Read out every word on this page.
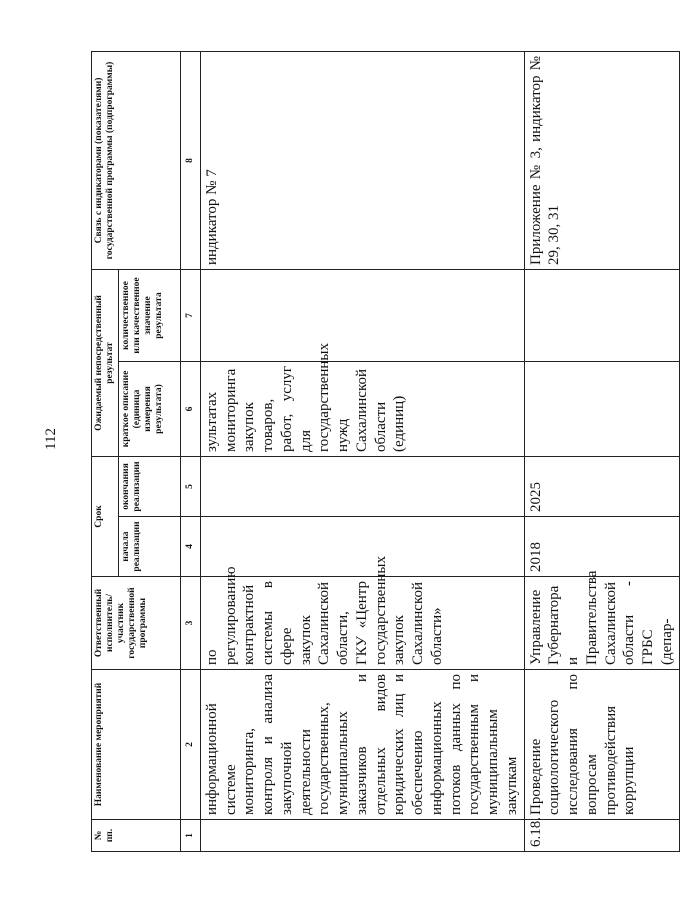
112
№ пп.	Наименование мероприятий	Ответственный исполнитель/ участник государственной программы	Срок		Ожидаемый непосредственный результат		Связь с индикаторами (показателями) государственной программы (подпрограммы)
			начала реализации	окончания реализации	краткое описание (единица измерения результата)	количественное или качественное значение результата	
1	2	3	4	5	6	7	8
	информационной системе мониторинга, контроля и анализа закупочной деятельности государственных, муниципальных заказчиков и отдельных видов юридических лиц и обеспечению информационных потоков данных по государственным и муниципальным закупкам	по регулированию контрактной системы в сфере закупок Сахалинской области, ГКУ «Центр государственных закупок Сахалинской области»			зультатах мониторинга закупок товаров, работ, услуг для государственных нужд Сахалинской области (единиц)		индикатор № 7
6.18.	Проведение социологического исследования по вопросам противодействия коррупции	Управление Губернатора и Правительства Сахалинской области - ГРБС (депар-	2018	2025			Приложение № 3, индикатор № 29, 30, 31
